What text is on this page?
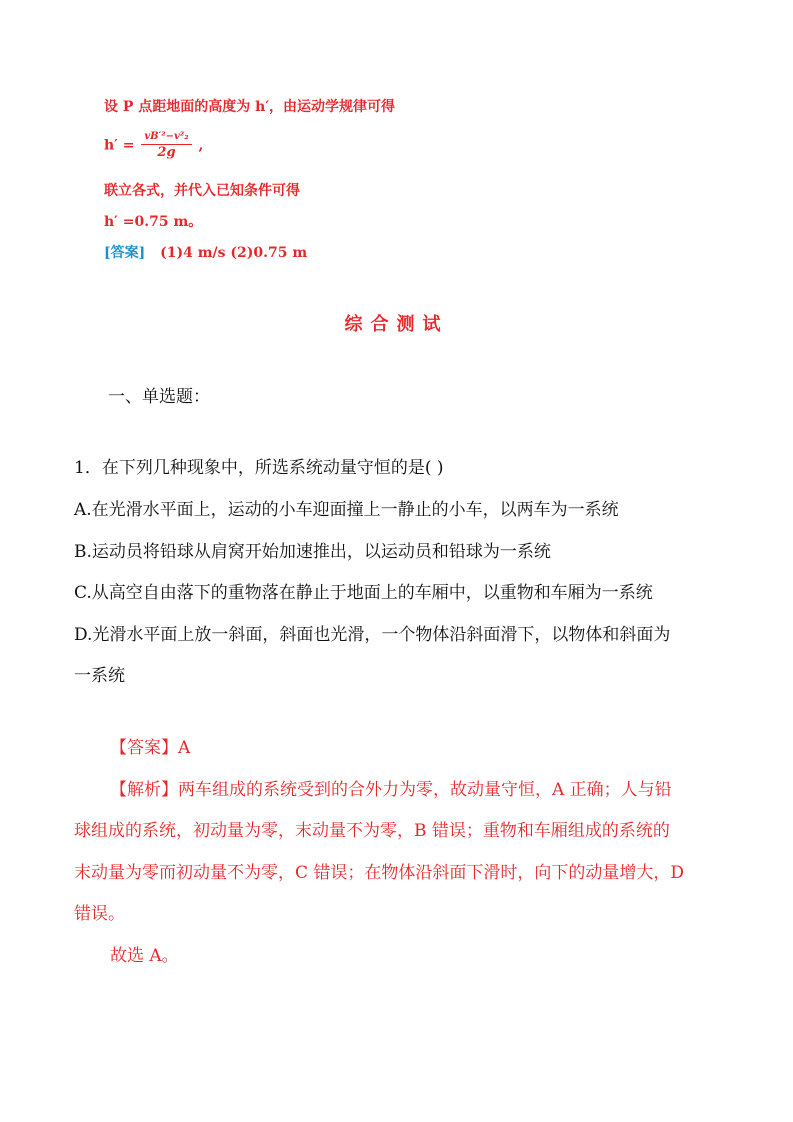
设 P 点距地面的高度为 h′，由运动学规律可得
$h' = \frac{\text{vB′²−v²₂}}{2g}$ ,
联立各式，并代入已知条件可得
h′ =0.75 m。
[答案] (1)4 m/s (2)0.75 m
综合测试
一、单选题：
1．在下列几种现象中，所选系统动量守恒的是( )
A.在光滑水平面上，运动的小车迎面撞上一静止的小车，以两车为一系统
B.运动员将铅球从肩窝开始加速推出，以运动员和铅球为一系统
C.从高空自由落下的重物落在静止于地面上的车厢中，以重物和车厢为一系统
D.光滑水平面上放一斜面，斜面也光滑，一个物体沿斜面滑下，以物体和斜面为
一系统
【答案】A
【解析】两车组成的系统受到的合外力为零，故动量守恒，A 正确；人与铅
球组成的系统，初动量为零，末动量不为零，B 错误；重物和车厢组成的系统的
末动量为零而初动量不为零，C 错误；在物体沿斜面下滑时，向下的动量增大，D
错误。
故选 A。
